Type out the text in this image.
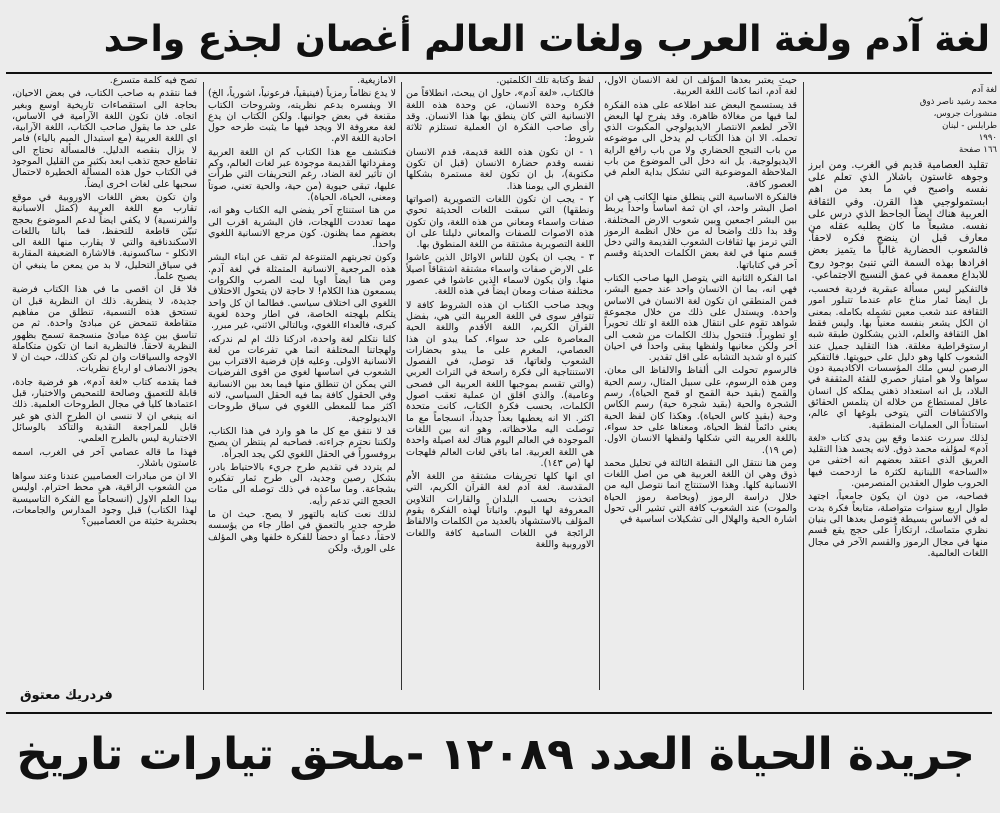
لغة آدم ولغة العرب ولغات العالم أغصان لجذع واحد
لغة آدم
محمد رشيد ناصر ذوق
منشورات جروس، طرابلس - لبنان
١٩٩٠
١٦٦ صفحة

تقليد العصامية قديم في الغرب. ومن ابرز وجوهه غاستون باشلار الذي تعلم على نفسه واصبح في ما بعد من اهم ابستمولوجيي هذا القرن. وفي الثقافة العربية هناك ايضاً الجاحظ الذي درس على نفسه. مشبعاً ما كان يطلبه عقله من معارف قبل ان ينضج فكره لاحقاً. فالشعوب الحضارية غالباً ما يتميز بعض افرادها بهذه السمة التي تنبئ بوجود روح للابداع معممة في عمق النسيج الاجتماعي.

فالتفكير ليس مسألة عبقرية فردية فحسب، بل ايضاً ثمار مناخ عام عندما تتبلور امور الثقافة عند شعب معين تشمله بكامله. بمعنى ان الكل يشعر بنفسه معنياً بها. وليس فقط اهل الثقافة والعلم، الذين يشكلون طبقة شبه ارستوقراطية مغلقة. هذا التقليد جميل عند الشعوب كلها وهو دليل على حيويتها. فالتفكير الرصين ليس ملك المؤسسات الاكاديمية دون سواها ولا هو امتياز حصري للفئة المثقفة في البلاد، بل انه استعداد ذهني يملكه كل انسان عاقل لمستطاع من خلاله ان يتلمس الحقائق والاكتشافات التي يتوخى بلوغها اي عالم، استناداً الى العمليات المنطقية.

لذلك سررت عندما وقع بين يدي كتاب «لغة آدم» لمؤلفه محمد ذوق. لانه يجسد هذا التقليد العريق الذي اعتقد بعضهم انه اختفى من «الساحة» اللبنانية لكثرة ما ازدحمت فيها الحروب طوال العقدين المنصرمين.

فصاحبه، من دون ان يكون جامعياً، اجتهد طوال اربع سنوات متواصلة، متابعاً فكرة بدت له في الاساس بسيطة فتوصل بعدها الى بنيان نظري متماسك، ارتكازاً على حجج يقع قسم منها في مجال الرموز والقسم الآخر في مجال اللغات العالمية.

حيث يعتبر بعدها المؤلف ان لغة الانسان الاول، لغة آدم، انما كانت اللغة العربية.

قد يستسمح البعض عند اطلاعه على هذه الفكرة لما فيها من مغالاة ظاهرة. وقد يفرح لها البعض الآخر لطعم الانتصار الايديولوجي المكبوت الذي تحمله. الا ان هذا الكتاب لم يدخل الى موضوعه من باب التبجح الحضاري ولا من باب رافع الراية الايديولوجية. بل انه دخل الى الموضوع من باب الملاحظة الموضوعية التي تشكل بداية العلم في العصور كافة.

فالفكرة الاساسية التي ينطلق منها الكاتب هي ان اصل البشر واحد، اي ان ثمة اساساً واحداً يربط بين البشر اجمعين وبين شعوب الارض المختلفة. وقد بدا ذلك واضحاً له من خلال انظمة الرموز التي ترمز بها ثقافات الشعوب القديمة والتي دخل قسم منها في لغة بعض الكلمات الحديثة وقسم آخر في كتاباتها.

اما الفكرة الثانية التي يتوصل اليها صاحب الكتاب فهي انه، بما ان الانسان واحد عند جميع البشر، فمن المنطقي ان تكون لغة الانسان في الاساس واحدة. ويستدل على ذلك من خلال مجموعة شواهد تقوم على انتقال هذه اللغة او تلك تحويراً او تطويراً. فتتحول بذلك الكلمات من شعب الى آخر ولكن معانيها ولفظها يبقى واحداً في احيان كثيرة او شديد التشابه على اقل تقدير.

فالرسوم تحولت الى ألفاظ والالفاظ الى معان. ومن هذه الرسوم، على سبيل المثال، رسم الحية والقمح (بقيد حبة القمح او قمح الحياة)، رسم الشجرة والحية (بقيد شجرة حية) رسم الكاس وحبة (بقيد كاس الحياة). وهكذا كان لفظ الحية يعني دائماً لفظ الحياة، ومعناها على حد سواء، باللغة العربية التي شكلها ولفظها الانسان الاول. (ص ١٩).

ومن هنا ننتقل الى النقطة الثالثة في تحليل محمد ذوق وهي ان اللغة العربية هي من اصل اللغات الانسانية كلها. وهذا الاستنتاج انما نتوصل اليه من خلال دراسة الرموز (وبخاصة رموز الحياة والموت) عند الشعوب كافة التي تشير الى تحول اشارة الحية والهلال الى تشكيلات اساسية في

لفظ وكتابة تلك الكلمتين.

فالكتاب، «لغة آدم»، حاول ان يبحث، انطلاقاً من فكرة وحدة الانسان، عن وحدة هذه اللغة الانسانية التي كان ينطق بها هذا الانسان. وقد رأى صاحب الفكرة ان العملية تستلزم ثلاثة شروط:

١ - ان تكون هذه اللغة قديمة، قدم الانسان نفسه وقدم حضارة الانسان (قبل ان تكون مكتوبة)، بل ان تكون لغة مستمرة بشكلها الفطري الى يومنا هذا.

٢ - يجب ان تكون اللغات التصويرية (اصواتها ونطقها) التي سبقت اللغات الحديثة تحوي صفات واسماء ومعاني من هذه اللغة، وان تكون هذه الاصوات للصفات والمعاني دليلنا على ان اللغة التصويرية مشتقة من اللغة المنطوق بها.

٣ - يجب ان يكون للناس الاوائل الذين عاشوا على الارض صفات واسماء مشتقة اشتقاقاً اصيلاً منها. وان يكون لاسماء الذين عاشوا في عصور مختلفة صفات ومعان ايضاً في هذه اللغة.

ويجد صاحب الكتاب ان هذه الشروط كافة لا تتوافر سوى في اللغة العربية التي هي، بفضل القرآن الكريم، اللغة الأقدم واللغة الحية المعاصرة على حد سواء. كما يبدو ان هذا العصامي، المغرم على ما يبدو بحضارات الشعوب ولغاتها، قد توصل، في الفصول الاستنتاجية الى فكرة راسخة في التراث العربي (والتي تقسم بموجبها اللغة العربية الى فصحى وعامية). والذي اقلق ان عملية تعقب اصول الكلمات، بحسب فكرة الكتاب، كانت متحدة اكثر. الا انه يعطيها بعداً جديداً، انسجاماً مع ما توصلت اليه ملاحظاته. وهو انه بين اللغات الموجودة في العالم اليوم هناك لغة اصيلة واحدة هي اللغة العربية. اما باقي لغات العالم فلهجات لها (ص ١٤٣).

اي انها كلها تحريفات مشتقة من اللغة الأم المقدسة. لغة آدم لغة القرآن الكريم، التي اتخذت بحسب البلدان والقارات التلاوين المعروفة لها اليوم. واثباتاً لهذه الفكرة يقوم المؤلف بالاستشهاد بالعديد من الكلمات والالفاظ الرائجة في اللغات السامية كافة واللغات الاوروبية واللغة

الامازيغية.

لا يدع نظاماً رمزياً (فينيقياً، فرعونياً، اشورياً، الخ) الا ويفسره بدعم نظريته، وشروحات الكتاب مقنعة في بعض جوانبها. ولكن الكتاب ان يدع لغة معروفة الا ويجد فيها ما يثبت طرحه حول احادية اللغة الام.

فنكتشف مع هذا الكتاب كم ان اللغة العربية ومفرداتها القديمة موجودة عبر لغات العالم، وكم ان تأثير لغة الضاد، رغم التحريفات التي طرأت عليها، تبقى حيوية (من حية، والحية تعني، صوتاً ومعنى، الحياة، الحياة).

من هنا استنتاج آخر يفضي اليه الكتاب وهو انه، مهما تعددت اللهجات، فان البشرية اقرب الى بعضهم مما يظنون. كون مرجع الانسانية اللغوي واحداً.

وكون تجربتهم المتنوعة لم تقف عن ابناء البشر هذه المرجعية الانسانية المتمثلة في لغة آدم. ومن هنا ايضاً اويا ليت الصرب والكروات يسمعون هذا الكلام! لا حاجة لان يتحول الاختلاف اللغوي الى اختلاف سياسي. فطالما ان كل واحد يتكلم بلهجته الخاصة، في اطار وحدة لغوية كبرى، فالعداء اللغوي، وبالتالي الاثني، غير مبرر.

كلنا نتكلم لغة واحدة، ادركنا ذلك ام لم ندركه، ولهجاتنا المختلفة انما هي تفرعات من لغة الانسانية الاولى. وعليه فإن فرضية الاقتراب بين الشعوب في اساسها لغوي من اقوى الفرضيات التي يمكن ان تنطلق منها فيما بعد بين الانسانية وفي الحقول كافة بما فيه الحقل السياسي، لانه اكثر مما للمعطى اللغوي في سياق طروحات الايديولوجية.

قد لا نتفق مع كل ما هو وارد في هذا الكتاب، ولكننا نحترم جراءته. فصاحبه لم ينتظر ان يصبح بروفسوراً في الحقل اللغوي لكي يجد الجرأة.

لم يتردد في تقديم طرح جريء بالاحتياط بادر، بشكل رصين وجديد، الى طرح ثمار تفكيره بشجاعة. وما ساعده في ذلك توصله الى مئات الحجج التي تدعم رأيه.

لذلك نعت كتابه بالتهور لا يصح. حيث ان ما طرحه جدير بالتعمق في اطار جاء من يؤسسه لاحقاً، دعماً او دحضاً للفكرة خلفها وهي المؤلف على الورق. ولكن

تصح فيه كلمة متسرع.

فما نتقدم به صاحب الكتاب، في بعض الاحيان، بحاجة الى استقصاءات تاريخية اوسع وبغير اتجاه. فان تكون اللغة الآرامية في الاساس، على حد ما يقول صاحب الكتاب، اللغة الآرابية، اي اللغة العربية (مع استبدال الميم بالياء) فامر لا يزال بنقصه الدليل. فالمسألة تحتاج الى تقاطع حجج تذهب ابعد بكثير من القليل الموجود في الكتاب حول هذه المسألة الخطيرة لاحتمال سحبها على لغات اخرى ايضاً.

وان تكون بعض اللغات الاوروبية في موقع تقارب مع اللغة العربية (كمثل الاسبانية والفرنسية) لا يكفي ايضاً لدعم الموضوع بحجج تبيّن قاطعة للتحفظ، فما بالنا باللغات الاسكندنافية والتي لا يقارب منها اللغة الى الانكلو - ساكسونية. فالاشارة الضعيفة المقاربة في سياق التحليل، لا بد من يمعن ما ينبغي ان يصبح علماً.

فلا قل ان اقصى ما في هذا الكتاب فرضية جديدة، لا ينظرية. ذلك ان النظرية قبل ان تستحق هذه التسمية، تنطلق من مفاهيم متقاطعة تتمحض عن مبادئ واحدة. ثم من تناسق بين عدة مبادئ منسجمة تسمح بظهور النظرية لاحقاً. فالنظرية انما ان تكون متكاملة الاوجه والسياقات وان لم تكن كذلك، حيث ان لا يجوز الانصاف او ارباع نظريات.

فما يقدمه كتاب «لغة آدم»، هو فرضية جادة، قابلة للتعميق وصالحة للتمحيص والاختبار، قبل اعتمادها كلياً في مجال الطروحات العلمية. ذلك انه ينبغي ان لا ننسى ان الطرح الذي هو غير قابل للمراجعة النقدية والتأكد بالوسائل الاختبارية ليس بالطرح العلمي.

فهذا ما قاله عصامي آخر في الغرب، اسمه غاستون باشلار.

الا ان من مبادرات العصاميين عندنا وعند سواها من الشعوب الراقية، هي محط احترام. اوليس بيدا العلم الاول (انسجاماً مع الفكرة التاسيسية لهذا الكتاب) قبل وجود المدارس والجامعات، بحشرية حثيثة من العصاميين؟

فردريك معتوق
جريدة الحياة العدد ١٢٠٨٩ -ملحق تيارات تاريخ
